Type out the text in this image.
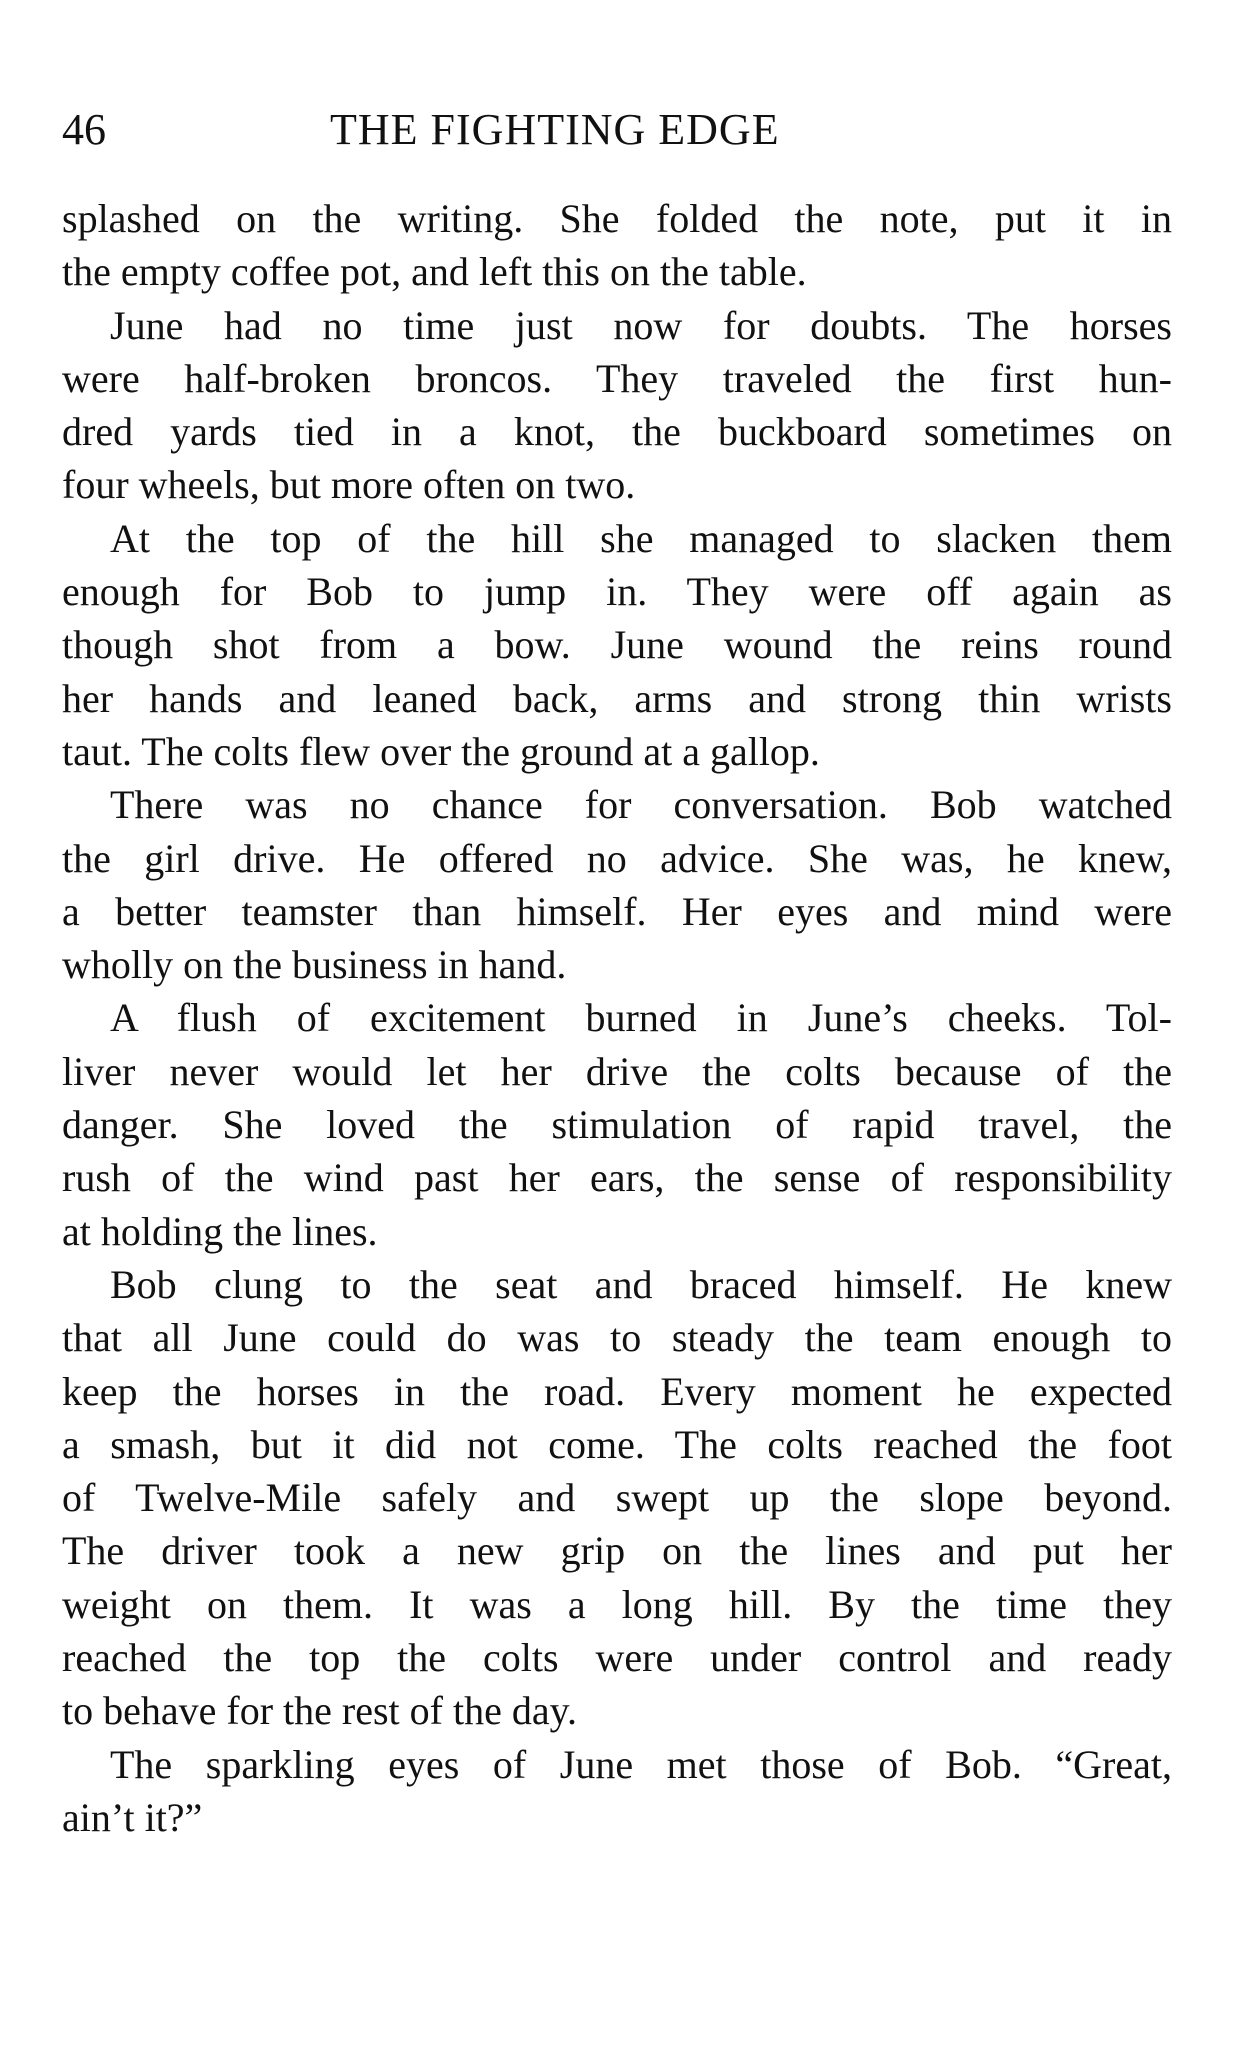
46	THE FIGHTING EDGE

splashed on the writing. She folded the note, put it in
the empty coffee pot, and left this on the table.

June had no time just now for doubts. The horses
were half-broken broncos. They traveled the first hun-
dred yards tied in a knot, the buckboard sometimes on
four wheels, but more often on two.

At the top of the hill she managed to slacken them
enough for Bob to jump in. They were off again as
though shot from a bow. June wound the reins round
her hands and leaned back, arms and strong thin wrists
taut. The colts flew over the ground at a gallop.

There was no chance for conversation. Bob watched
the girl drive. He offered no advice. She was, he knew,
a better teamster than himself. Her eyes and mind were
wholly on the business in hand.

A flush of excitement burned in June’s cheeks. Tol-
liver never would let her drive the colts because of the
danger. She loved the stimulation of rapid travel, the
rush of the wind past her ears, the sense of responsibility
at holding the lines.

Bob clung to the seat and braced himself. He knew
that all June could do was to steady the team enough to
keep the horses in the road. Every moment he expected
a smash, but it did not come. The colts reached the foot
of Twelve-Mile safely and swept up the slope beyond.
The driver took a new grip on the lines and put her
weight on them. It was a long hill. By the time they
reached the top the colts were under control and ready
to behave for the rest of the day.

The sparkling eyes of June met those of Bob. “Great,
ain’t it?”
